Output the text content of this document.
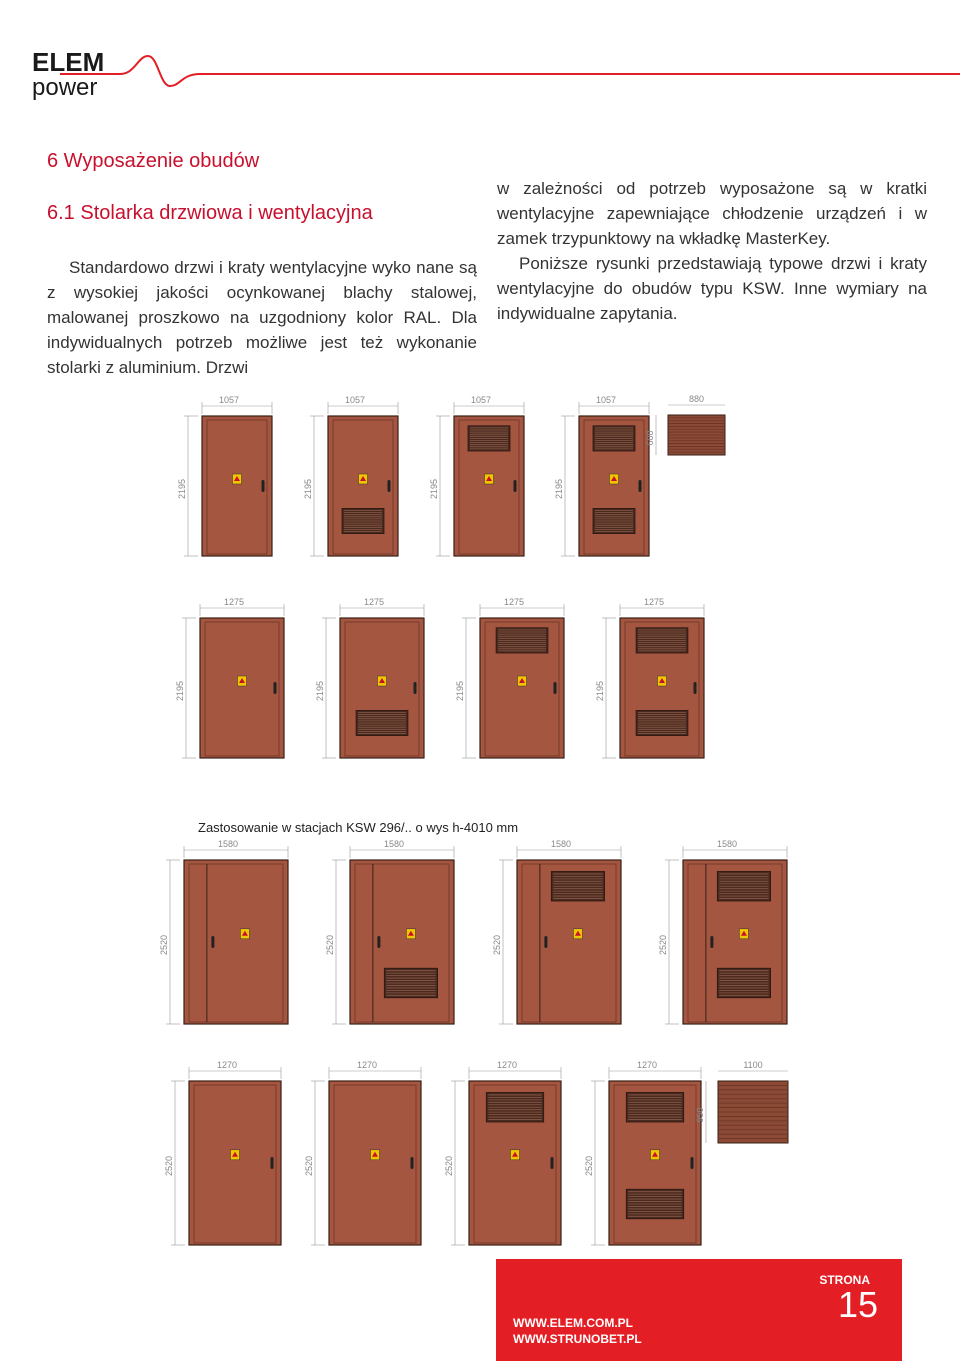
ELEM
power
6 Wyposażenie obudów
6.1 Stolarka drzwiowa i wentylacyjna

Standardowo drzwi i kraty wentylacyjne wyko nane są z wysokiej jakości ocynkowanej blachy stalowej, malowanej proszkowo na uzgodniony kolor RAL. Dla indywidualnych potrzeb możliwe jest też wykonanie stolarki z aluminium. Drzwi

w zależności od potrzeb wyposażone są w kratki wentylacyjne zapewniające chłodzenie urządzeń i w zamek trzypunktowy na wkładkę MasterKey.

Poniższe rysunki przedstawiają typowe drzwi i kraty wentylacyjne do obudów typu KSW. Inne wymiary na indywidualne zapytania.

1057
2195
1057
2195
1057
2195
1057
2195
880
600
1275
2195
1275
2195
1275
2195
1275
2195
1580
2520
1580
2520
1580
2520
1580
2520
1270
2520
1270
2520
1270
2520
1270
2520
1100
950
Zastosowanie w stacjach KSW 296/.. o wys h-4010 mm
STRONA
15
WWW.ELEM.COM.PL
WWW.STRUNOBET.PL
